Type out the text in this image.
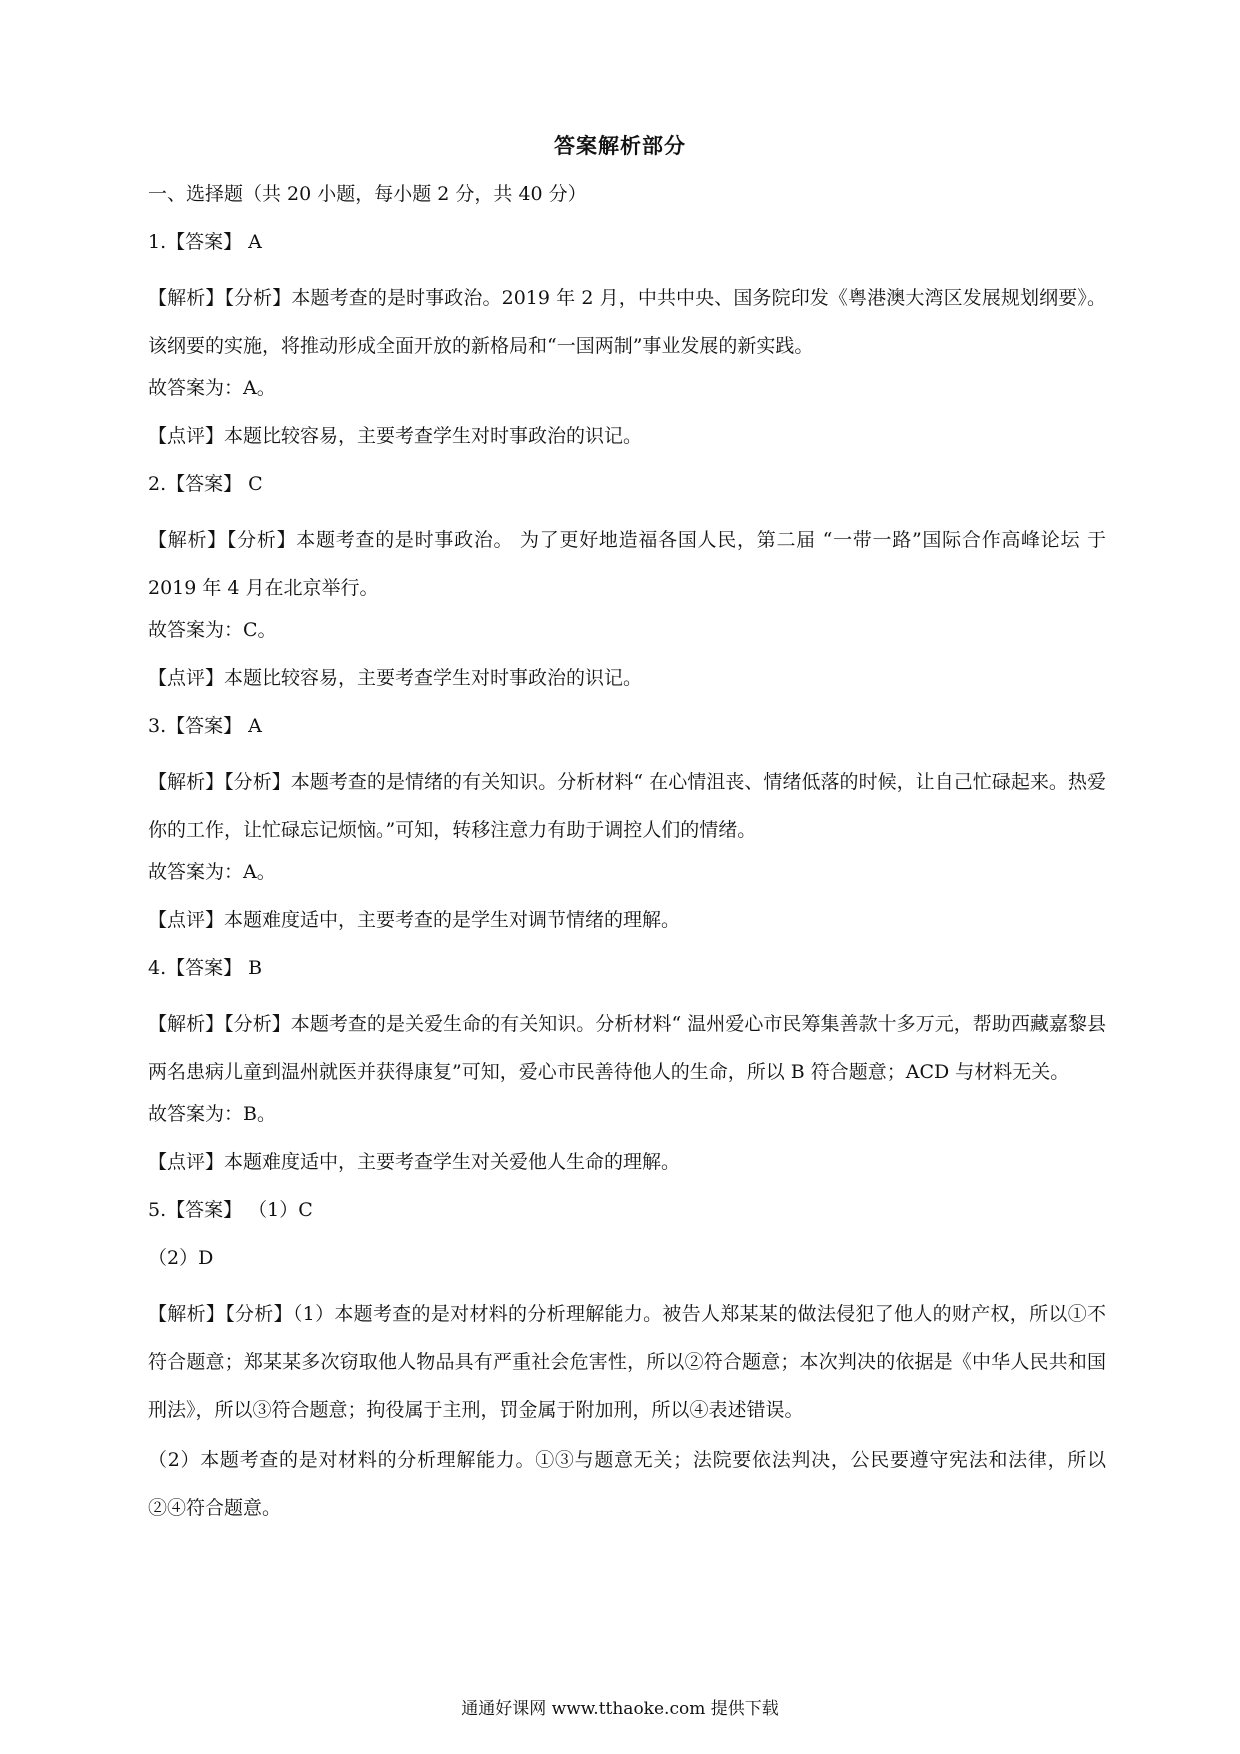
答案解析部分
一、选择题（共 20 小题，每小题 2 分，共 40 分）
1.【答案】 A
【解析】【分析】本题考查的是时事政治。2019 年 2 月，中共中央、国务院印发《粤港澳大湾区发展规划纲要》。该纲要的实施，将推动形成全面开放的新格局和“一国两制”事业发展的新实践。
故答案为：A。
【点评】本题比较容易，主要考查学生对时事政治的识记。
2.【答案】 C
【解析】【分析】本题考查的是时事政治。 为了更好地造福各国人民，第二届 “一带一路”国际合作高峰论坛 于 2019 年 4 月在北京举行。
故答案为：C。
【点评】本题比较容易，主要考查学生对时事政治的识记。
3.【答案】 A
【解析】【分析】本题考查的是情绪的有关知识。分析材料“ 在心情沮丧、情绪低落的时候，让自己忙碌起来。热爱你的工作，让忙碌忘记烦恼。”可知，转移注意力有助于调控人们的情绪。
故答案为：A。
【点评】本题难度适中，主要考查的是学生对调节情绪的理解。
4.【答案】 B
【解析】【分析】本题考查的是关爱生命的有关知识。分析材料“ 温州爱心市民筹集善款十多万元，帮助西藏嘉黎县两名患病儿童到温州就医并获得康复”可知，爱心市民善待他人的生命，所以 B 符合题意；ACD 与材料无关。
故答案为：B。
【点评】本题难度适中，主要考查学生对关爱他人生命的理解。
5.【答案】 （1）C
（2）D
【解析】【分析】（1）本题考查的是对材料的分析理解能力。被告人郑某某的做法侵犯了他人的财产权，所以①不符合题意；郑某某多次窃取他人物品具有严重社会危害性，所以②符合题意；本次判决的依据是《中华人民共和国刑法》，所以③符合题意；拘役属于主刑，罚金属于附加刑，所以④表述错误。
（2）本题考查的是对材料的分析理解能力。①③与题意无关；法院要依法判决，公民要遵守宪法和法律，所以②④符合题意。
通通好课网 www.tthaoke.com 提供下载
